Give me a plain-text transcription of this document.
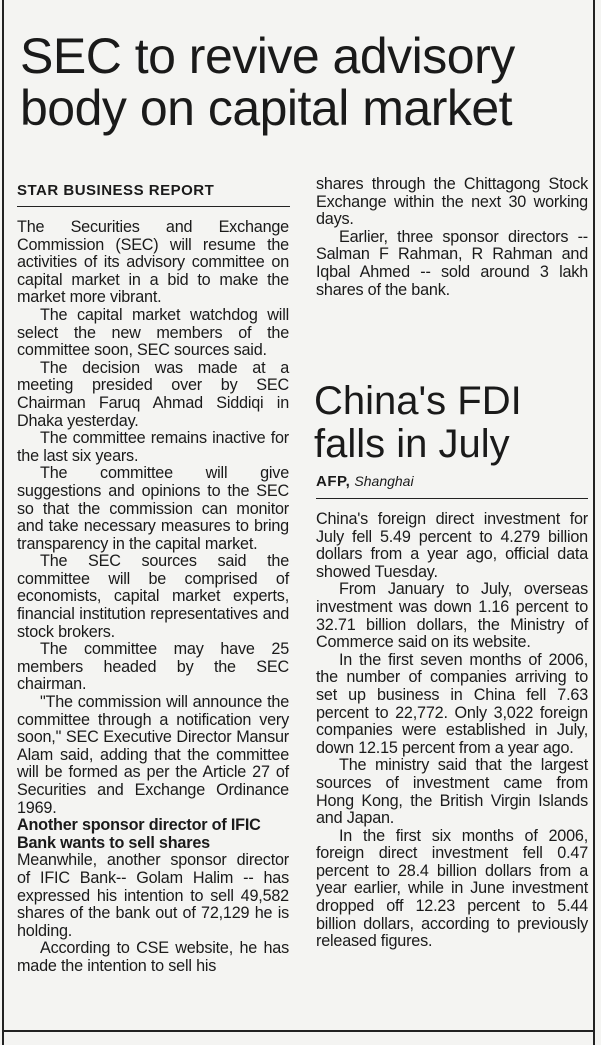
SEC to revive advisory
body on capital market
STAR BUSINESS REPORT

The Securities and Exchange Commission (SEC) will resume the activities of its advisory committee on capital market in a bid to make the market more vibrant.

The capital market watchdog will select the new members of the committee soon, SEC sources said.

The decision was made at a meeting presided over by SEC Chairman Faruq Ahmad Siddiqi in Dhaka yesterday.

The committee remains inactive for the last six years.

The committee will give suggestions and opinions to the SEC so that the commission can monitor and take necessary measures to bring transparency in the capital market.

The SEC sources said the committee will be comprised of economists, capital market experts, financial institution representatives and stock brokers.

The committee may have 25 members headed by the SEC chairman.

"The commission will announce the committee through a notification very soon," SEC Executive Director Mansur Alam said, adding that the committee will be formed as per the Article 27 of Securities and Exchange Ordinance 1969.

Another sponsor director of IFIC Bank wants to sell shares

Meanwhile, another sponsor director of IFIC Bank-- Golam Halim -- has expressed his intention to sell 49,582 shares of the bank out of 72,129 he is holding.

According to CSE website, he has made the intention to sell his

shares through the Chittagong Stock Exchange within the next 30 working days.

Earlier, three sponsor directors -- Salman F Rahman, R Rahman and Iqbal Ahmed -- sold around 3 lakh shares of the bank.

China's FDI
falls in July
AFP, Shanghai

China's foreign direct investment for July fell 5.49 percent to 4.279 billion dollars from a year ago, official data showed Tuesday.

From January to July, overseas investment was down 1.16 percent to 32.71 billion dollars, the Ministry of Commerce said on its website.

In the first seven months of 2006, the number of companies arriving to set up business in China fell 7.63 percent to 22,772. Only 3,022 foreign companies were established in July, down 12.15 percent from a year ago.

The ministry said that the largest sources of investment came from Hong Kong, the British Virgin Islands and Japan.

In the first six months of 2006, foreign direct investment fell 0.47 percent to 28.4 billion dollars from a year earlier, while in June investment dropped off 12.23 percent to 5.44 billion dollars, according to previously released figures.
